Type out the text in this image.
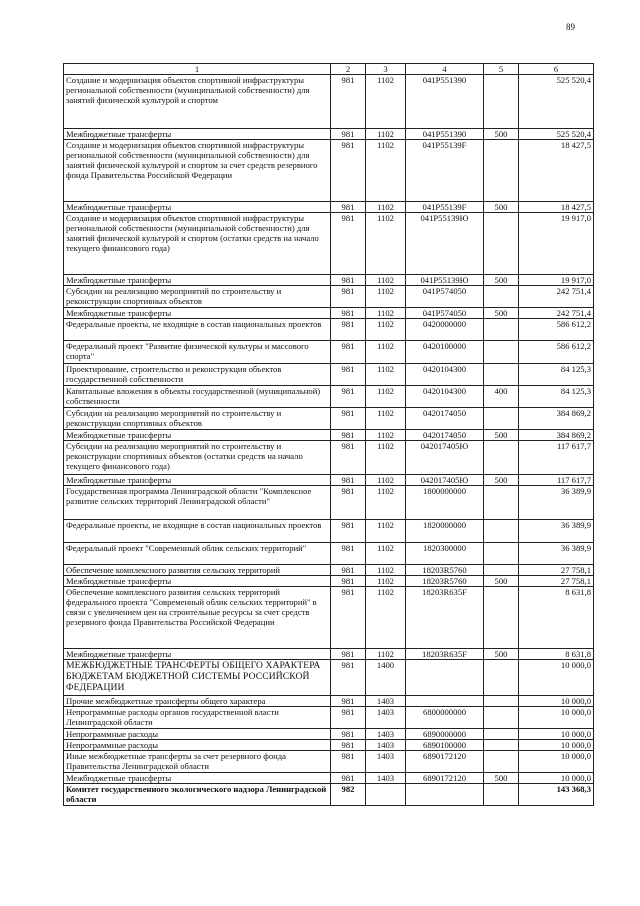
89
1	2	3	4	5	6
Создание и модернизация объектов спортивной инфраструктуры региональной собственности (муниципальной собственности) для занятий физической культурой и спортом	981	1102	041P551390		525 520,4
Межбюджетные трансферты	981	1102	041P551390	500	525 520,4
Создание и модернизация объектов спортивной инфраструктуры региональной собственности (муниципальной собственности) для занятий физической культурой и спортом за счет средств резервного фонда Правительства Российской Федерации	981	1102	041P55139F		18 427,5
Межбюджетные трансферты	981	1102	041P55139F	500	18 427,5
Создание и модернизация объектов спортивной инфраструктуры региональной собственности (муниципальной собственности) для занятий физической культурой и спортом (остатки средств на начало текущего финансового года)	981	1102	041P55139Ю		19 917,0
Межбюджетные трансферты	981	1102	041P55139Ю	500	19 917,0
Субсидии на реализацию мероприятий по строительству и реконструкции спортивных объектов	981	1102	041P574050		242 751,4
Межбюджетные трансферты	981	1102	041P574050	500	242 751,4
Федеральные проекты, не входящие в состав национальных проектов	981	1102	0420000000		586 612,2
Федеральный проект "Развитие физической культуры и массового спорта"	981	1102	0420100000		586 612,2
Проектирование, строительство и реконструкция объектов государственной собственности	981	1102	0420104300		84 125,3
Капитальные вложения в объекты государственной (муниципальной) собственности	981	1102	0420104300	400	84 125,3
Субсидии на реализацию мероприятий по строительству и реконструкции спортивных объектов	981	1102	0420174050		384 869,2
Межбюджетные трансферты	981	1102	0420174050	500	384 869,2
Субсидии на реализацию мероприятий по строительству и реконструкции спортивных объектов (остатки средств на начало текущего финансового года)	981	1102	042017405Ю		117 617,7
Межбюджетные трансферты	981	1102	042017405Ю	500	117 617,7
Государственная программа Ленинградской области "Комплексное развитие сельских территорий Ленинградской области"	981	1102	1800000000		36 389,9
Федеральные проекты, не входящие в состав национальных проектов	981	1102	1820000000		36 389,9
Федеральный проект "Современный облик сельских территорий"	981	1102	1820300000		36 389,9
Обеспечение комплексного развития сельских территорий	981	1102	18203R5760		27 758,1
Межбюджетные трансферты	981	1102	18203R5760	500	27 758,1
Обеспечение комплексного развития сельских территорий федерального проекта "Современный облик сельских территорий" в связи с увеличением цен на строительные ресурсы за счет средств резервного фонда Правительства Российской Федерации	981	1102	18203R635F		8 631,8
Межбюджетные трансферты	981	1102	18203R635F	500	8 631,8
МЕЖБЮДЖЕТНЫЕ ТРАНСФЕРТЫ ОБЩЕГО ХАРАКТЕРА БЮДЖЕТАМ БЮДЖЕТНОЙ СИСТЕМЫ РОССИЙСКОЙ ФЕДЕРАЦИИ	981	1400			10 000,0
Прочие межбюджетные трансферты общего характера	981	1403			10 000,0
Непрограммные расходы органов государственной власти Ленинградской области	981	1403	6800000000		10 000,0
Непрограммные расходы	981	1403	6890000000		10 000,0
Непрограммные расходы	981	1403	6890100000		10 000,0
Иные межбюджетные трансферты за счет резервного фонда Правительства Ленинградской области	981	1403	6890172120		10 000,0
Межбюджетные трансферты	981	1403	6890172120	500	10 000,0
Комитет государственного экологического надзора Ленинградской области	982				143 368,3
